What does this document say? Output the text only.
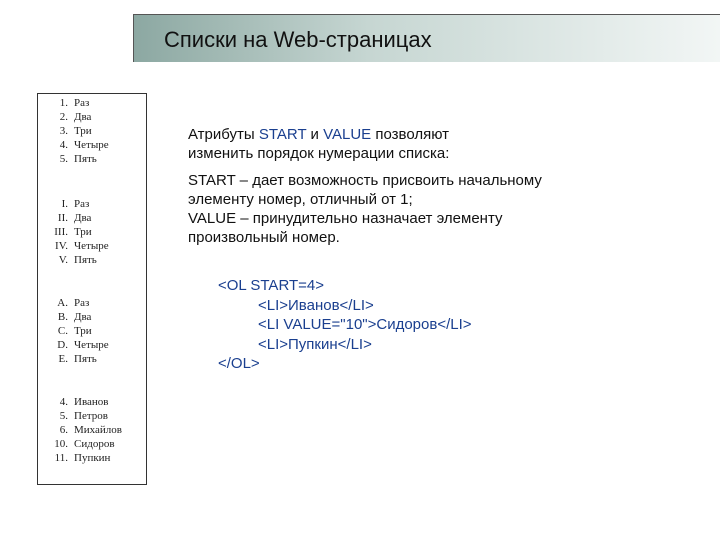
Списки на Web-страницах
1. Раз
2. Два
3. Три
4. Четыре
5. Пять
I. Раз
II. Два
III. Три
IV. Четыре
V. Пять
A. Раз
B. Два
C. Три
D. Четыре
E. Пять
4. Иванов
5. Петров
6. Михайлов
10. Сидоров
11. Пупкин

Атрибуты START и VALUE позволяют
изменить порядок нумерации списка:

START – дает возможность присвоить начальному
элементу номер, отличный от 1;
VALUE – принудительно назначает элементу
произвольный номер.

<OL START=4>
<LI>Иванов</LI>
<LI VALUE="10">Сидоров</LI>
<LI>Пупкин</LI>
</OL>
